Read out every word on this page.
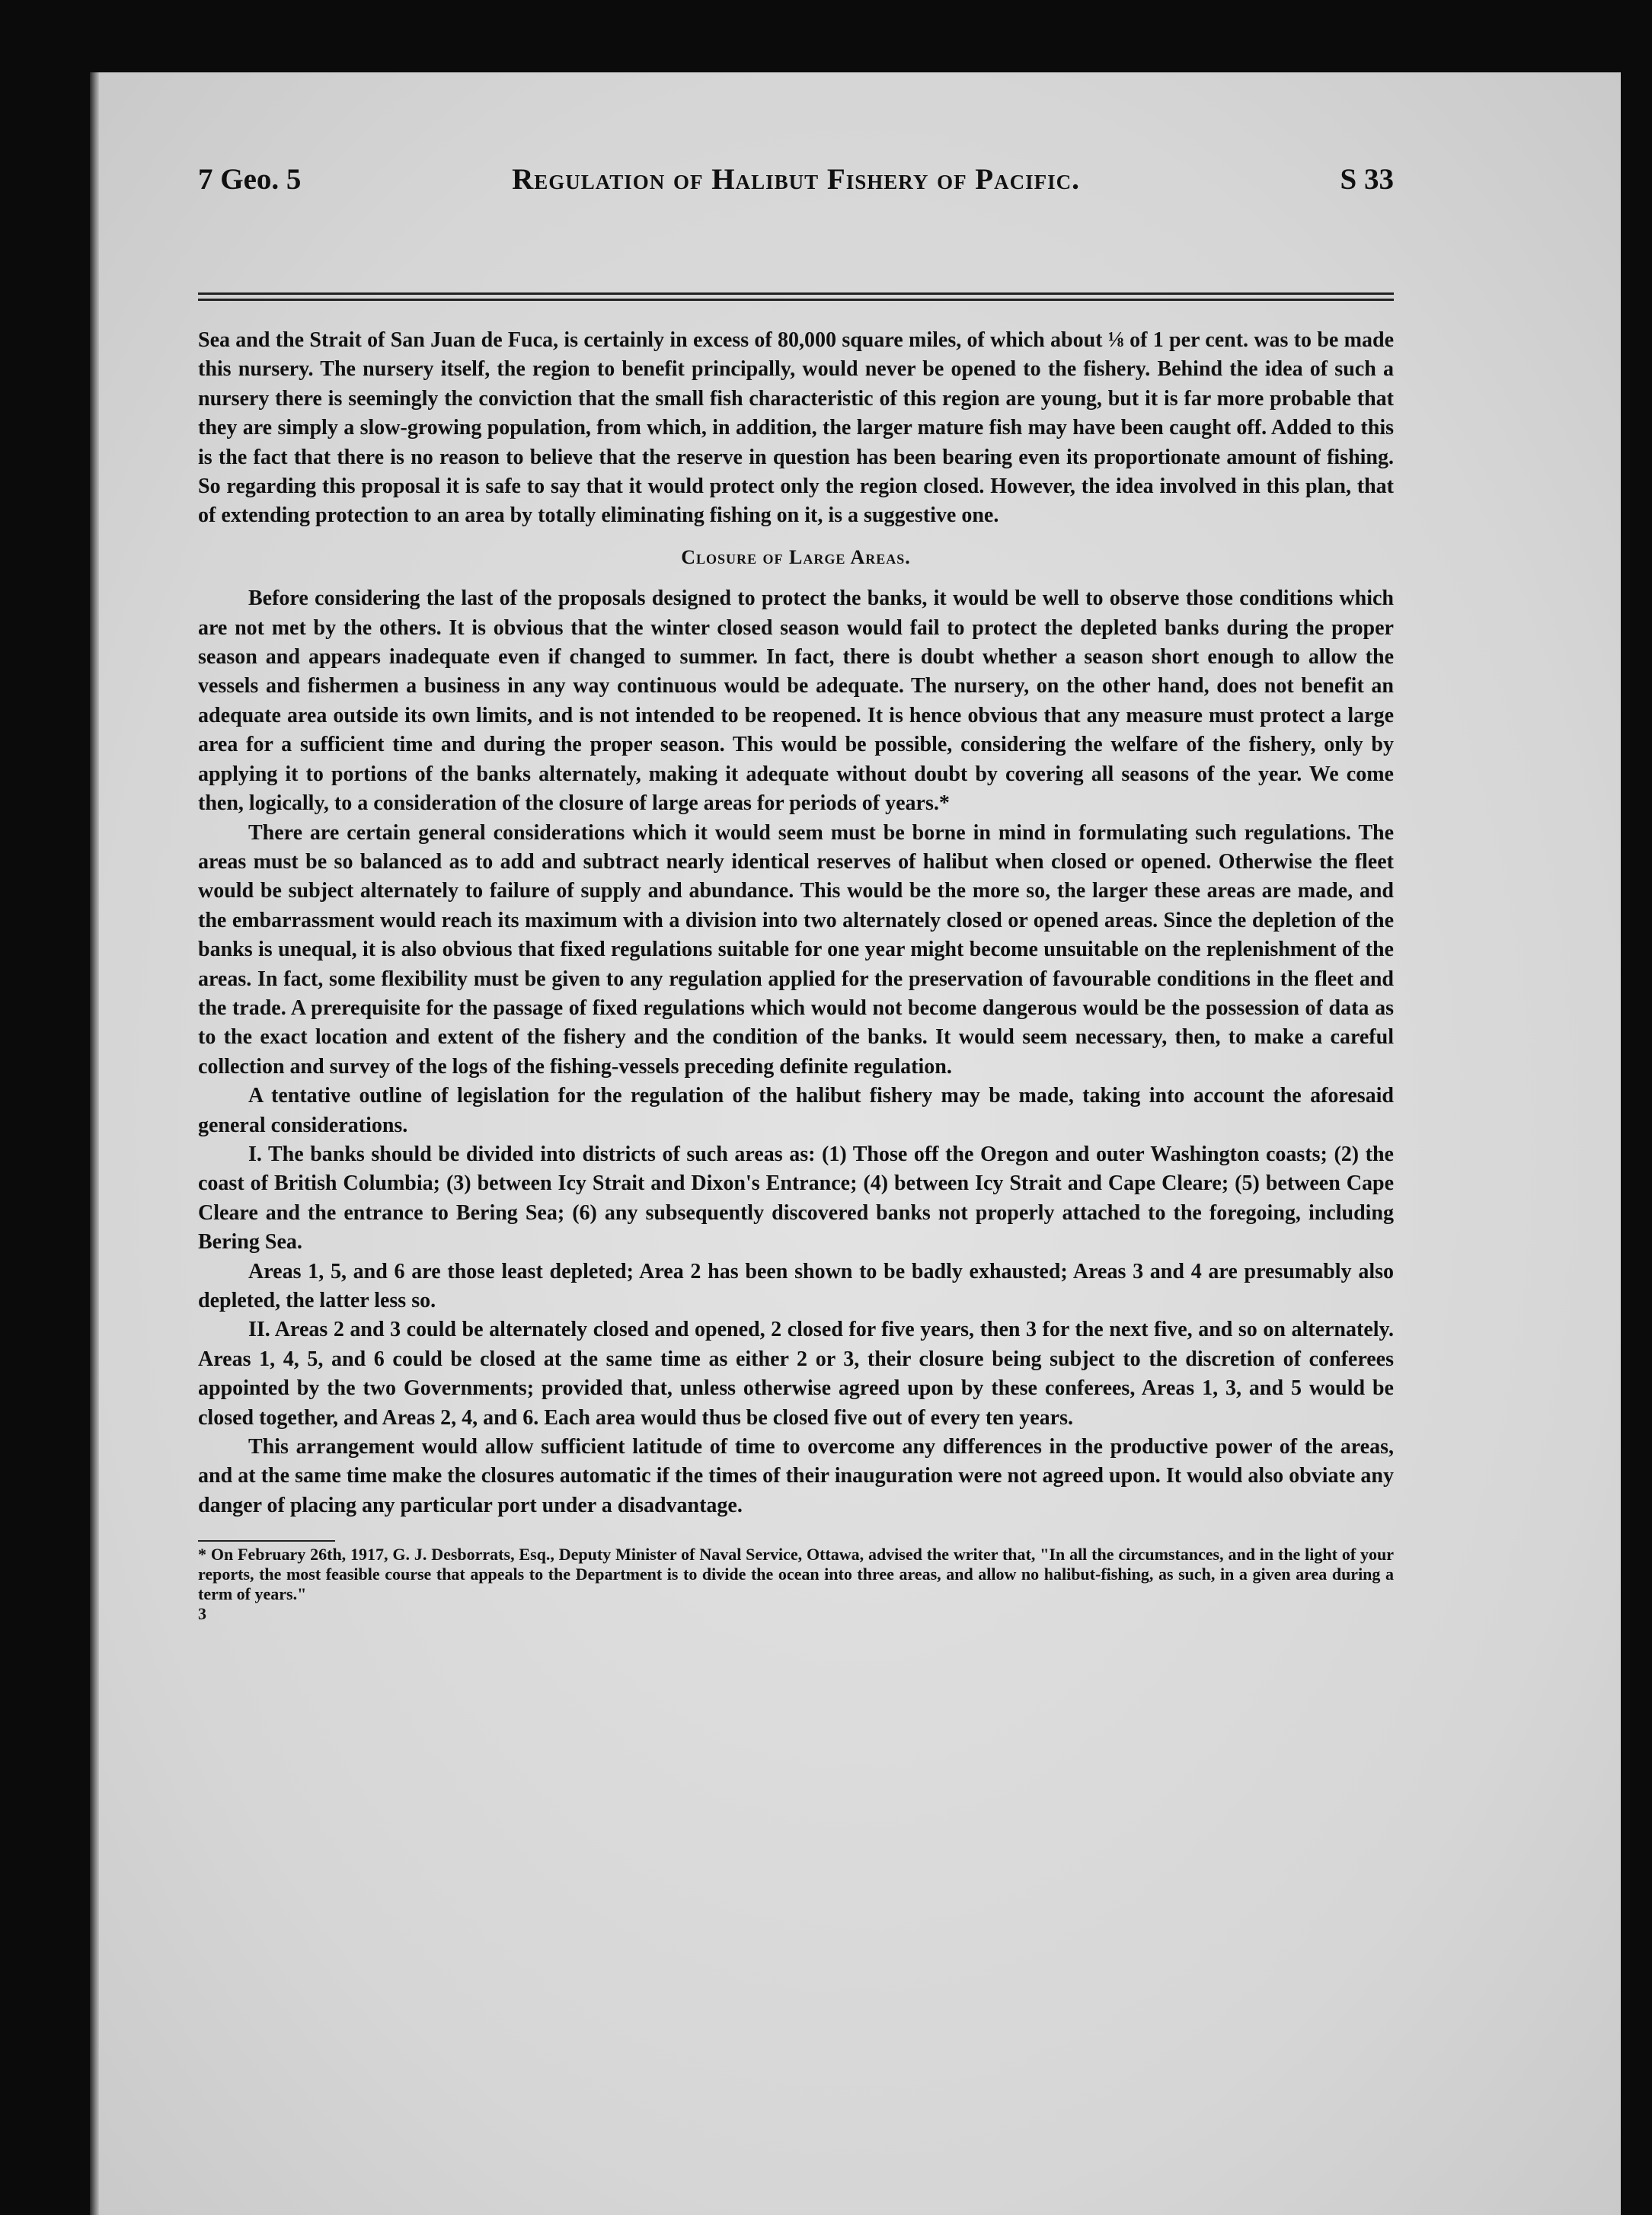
7 Geo. 5	Regulation of Halibut Fishery of Pacific.	S 33

Sea and the Strait of San Juan de Fuca, is certainly in excess of 80,000 square miles, of which about ⅛ of 1 per cent. was to be made this nursery. The nursery itself, the region to benefit principally, would never be opened to the fishery. Behind the idea of such a nursery there is seemingly the conviction that the small fish characteristic of this region are young, but it is far more probable that they are simply a slow-growing population, from which, in addition, the larger mature fish may have been caught off. Added to this is the fact that there is no reason to believe that the reserve in question has been bearing even its proportionate amount of fishing. So regarding this proposal it is safe to say that it would protect only the region closed. However, the idea involved in this plan, that of extending protection to an area by totally eliminating fishing on it, is a suggestive one.

Closure of Large Areas.

Before considering the last of the proposals designed to protect the banks, it would be well to observe those conditions which are not met by the others. It is obvious that the winter closed season would fail to protect the depleted banks during the proper season and appears inadequate even if changed to summer. In fact, there is doubt whether a season short enough to allow the vessels and fishermen a business in any way continuous would be adequate. The nursery, on the other hand, does not benefit an adequate area outside its own limits, and is not intended to be reopened. It is hence obvious that any measure must protect a large area for a sufficient time and during the proper season. This would be possible, considering the welfare of the fishery, only by applying it to portions of the banks alternately, making it adequate without doubt by covering all seasons of the year. We come then, logically, to a consideration of the closure of large areas for periods of years.*

There are certain general considerations which it would seem must be borne in mind in formulating such regulations. The areas must be so balanced as to add and subtract nearly identical reserves of halibut when closed or opened. Otherwise the fleet would be subject alternately to failure of supply and abundance. This would be the more so, the larger these areas are made, and the embarrassment would reach its maximum with a division into two alternately closed or opened areas. Since the depletion of the banks is unequal, it is also obvious that fixed regulations suitable for one year might become unsuitable on the replenishment of the areas. In fact, some flexibility must be given to any regulation applied for the preservation of favourable conditions in the fleet and the trade. A prerequisite for the passage of fixed regulations which would not become dangerous would be the possession of data as to the exact location and extent of the fishery and the condition of the banks. It would seem necessary, then, to make a careful collection and survey of the logs of the fishing-vessels preceding definite regulation.

A tentative outline of legislation for the regulation of the halibut fishery may be made, taking into account the aforesaid general considerations.

I. The banks should be divided into districts of such areas as: (1) Those off the Oregon and outer Washington coasts; (2) the coast of British Columbia; (3) between Icy Strait and Dixon's Entrance; (4) between Icy Strait and Cape Cleare; (5) between Cape Cleare and the entrance to Bering Sea; (6) any subsequently discovered banks not properly attached to the foregoing, including Bering Sea.

Areas 1, 5, and 6 are those least depleted; Area 2 has been shown to be badly exhausted; Areas 3 and 4 are presumably also depleted, the latter less so.

II. Areas 2 and 3 could be alternately closed and opened, 2 closed for five years, then 3 for the next five, and so on alternately. Areas 1, 4, 5, and 6 could be closed at the same time as either 2 or 3, their closure being subject to the discretion of conferees appointed by the two Governments; provided that, unless otherwise agreed upon by these conferees, Areas 1, 3, and 5 would be closed together, and Areas 2, 4, and 6. Each area would thus be closed five out of every ten years.

This arrangement would allow sufficient latitude of time to overcome any differences in the productive power of the areas, and at the same time make the closures automatic if the times of their inauguration were not agreed upon. It would also obviate any danger of placing any particular port under a disadvantage.

* On February 26th, 1917, G. J. Desborrats, Esq., Deputy Minister of Naval Service, Ottawa, advised the writer that, "In all the circumstances, and in the light of your reports, the most feasible course that appeals to the Department is to divide the ocean into three areas, and allow no halibut-fishing, as such, in a given area during a term of years."

3
